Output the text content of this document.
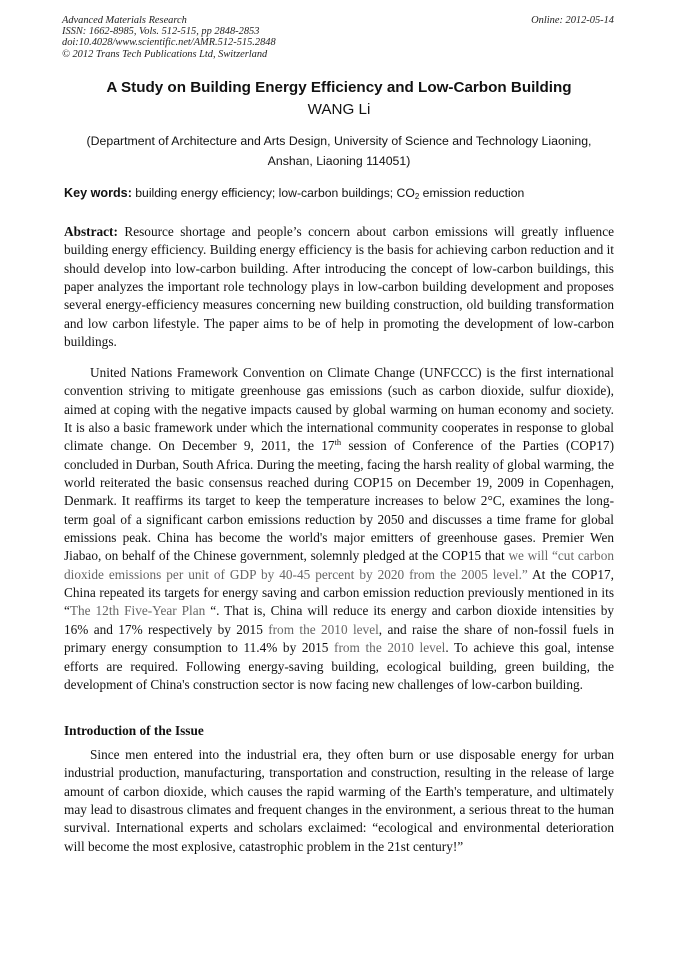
Advanced Materials Research
ISSN: 1662-8985, Vols. 512-515, pp 2848-2853
doi:10.4028/www.scientific.net/AMR.512-515.2848
© 2012 Trans Tech Publications Ltd, Switzerland
Online: 2012-05-14
A Study on Building Energy Efficiency and Low-Carbon Building
WANG Li
(Department of Architecture and Arts Design, University of Science and Technology Liaoning,
Anshan, Liaoning 114051)
Key words: building energy efficiency; low-carbon buildings; $CO_2$ emission reduction
Abstract: Resource shortage and people’s concern about carbon emissions will greatly influence building energy efficiency. Building energy efficiency is the basis for achieving carbon reduction and it should develop into low-carbon building. After introducing the concept of low-carbon buildings, this paper analyzes the important role technology plays in low-carbon building development and proposes several energy-efficiency measures concerning new building construction, old building transformation and low carbon lifestyle. The paper aims to be of help in promoting the development of low-carbon buildings.
United Nations Framework Convention on Climate Change (UNFCCC) is the first international convention striving to mitigate greenhouse gas emissions (such as carbon dioxide, sulfur dioxide), aimed at coping with the negative impacts caused by global warming on human economy and society. It is also a basic framework under which the international community cooperates in response to global climate change. On December 9, 2011, the 17th session of Conference of the Parties (COP17) concluded in Durban, South Africa. During the meeting, facing the harsh reality of global warming, the world reiterated the basic consensus reached during COP15 on December 19, 2009 in Copenhagen, Denmark. It reaffirms its target to keep the temperature increases to below 2°C, examines the long-term goal of a significant carbon emissions reduction by 2050 and discusses a time frame for global emissions peak. China has become the world's major emitters of greenhouse gases. Premier Wen Jiabao, on behalf of the Chinese government, solemnly pledged at the COP15 that we will “cut carbon dioxide emissions per unit of GDP by 40-45 percent by 2020 from the 2005 level.” At the COP17, China repeated its targets for energy saving and carbon emission reduction previously mentioned in its “The 12th Five-Year Plan “. That is, China will reduce its energy and carbon dioxide intensities by 16% and 17% respectively by 2015 from the 2010 level, and raise the share of non-fossil fuels in primary energy consumption to 11.4% by 2015 from the 2010 level. To achieve this goal, intense efforts are required. Following energy-saving building, ecological building, green building, the development of China's construction sector is now facing new challenges of low-carbon building.
Introduction of the Issue
Since men entered into the industrial era, they often burn or use disposable energy for urban industrial production, manufacturing, transportation and construction, resulting in the release of large amount of carbon dioxide, which causes the rapid warming of the Earth's temperature, and ultimately may lead to disastrous climates and frequent changes in the environment, a serious threat to the human survival. International experts and scholars exclaimed: “ecological and environmental deterioration will become the most explosive, catastrophic problem in the 21st century!”
